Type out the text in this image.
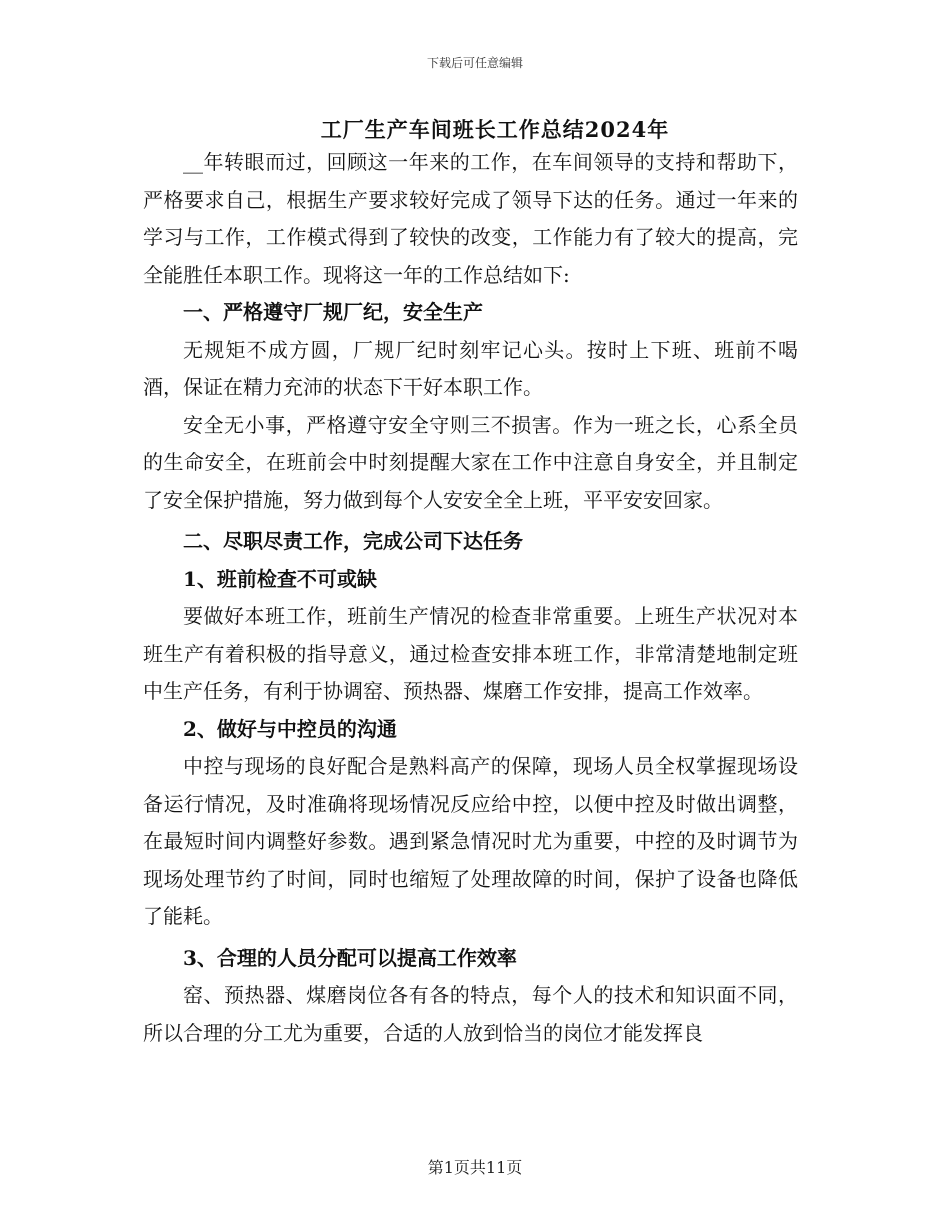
下载后可任意编辑
工厂生产车间班长工作总结2024年

__年转眼而过，回顾这一年来的工作，在车间领导的支持和帮助下，严格要求自己，根据生产要求较好完成了领导下达的任务。通过一年来的学习与工作，工作模式得到了较快的改变，工作能力有了较大的提高，完全能胜任本职工作。现将这一年的工作总结如下:

一、严格遵守厂规厂纪，安全生产

无规矩不成方圆，厂规厂纪时刻牢记心头。按时上下班、班前不喝酒，保证在精力充沛的状态下干好本职工作。

安全无小事，严格遵守安全守则三不损害。作为一班之长，心系全员的生命安全，在班前会中时刻提醒大家在工作中注意自身安全，并且制定了安全保护措施，努力做到每个人安安全全上班，平平安安回家。

二、尽职尽责工作，完成公司下达任务
1、班前检查不可或缺

要做好本班工作，班前生产情况的检查非常重要。上班生产状况对本班生产有着积极的指导意义，通过检查安排本班工作，非常清楚地制定班中生产任务，有利于协调窑、预热器、煤磨工作安排，提高工作效率。

2、做好与中控员的沟通

中控与现场的良好配合是熟料高产的保障，现场人员全权掌握现场设备运行情况，及时准确将现场情况反应给中控，以便中控及时做出调整，在最短时间内调整好参数。遇到紧急情况时尤为重要，中控的及时调节为现场处理节约了时间，同时也缩短了处理故障的时间，保护了设备也降低了能耗。

3、合理的人员分配可以提高工作效率

窑、预热器、煤磨岗位各有各的特点，每个人的技术和知识面不同，所以合理的分工尤为重要，合适的人放到恰当的岗位才能发挥良

第1页共11页
